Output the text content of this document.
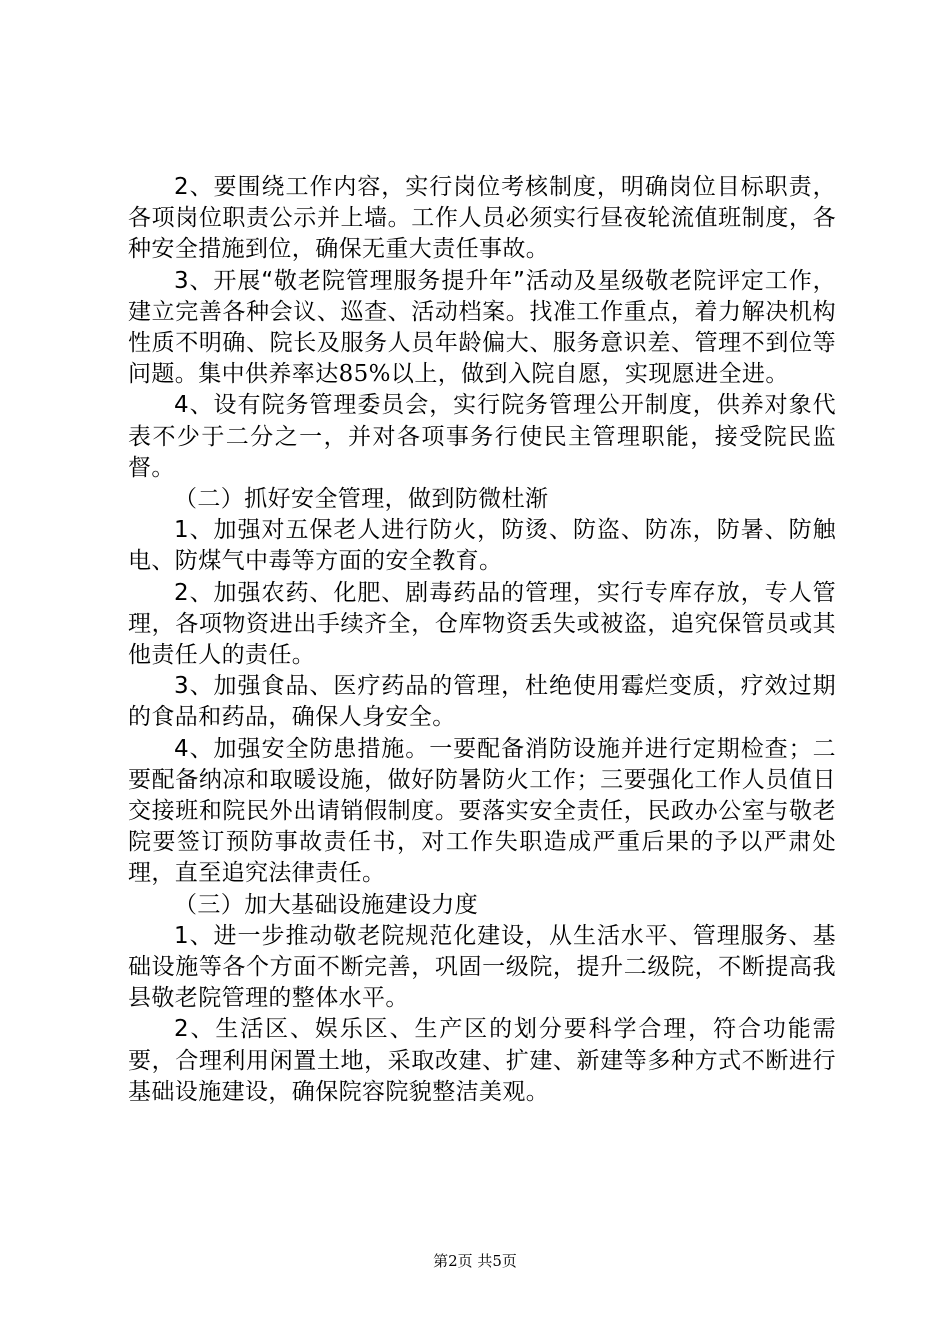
2、要围绕工作内容，实行岗位考核制度，明确岗位目标职责，各项岗位职责公示并上墙。工作人员必须实行昼夜轮流值班制度，各种安全措施到位，确保无重大责任事故。

3、开展“敬老院管理服务提升年”活动及星级敬老院评定工作，建立完善各种会议、巡查、活动档案。找准工作重点，着力解决机构性质不明确、院长及服务人员年龄偏大、服务意识差、管理不到位等问题。集中供养率达85%以上，做到入院自愿，实现愿进全进。

4、设有院务管理委员会，实行院务管理公开制度，供养对象代表不少于二分之一，并对各项事务行使民主管理职能，接受院民监督。

（二）抓好安全管理，做到防微杜渐

1、加强对五保老人进行防火，防烫、防盗、防冻，防暑、防触电、防煤气中毒等方面的安全教育。

2、加强农药、化肥、剧毒药品的管理，实行专库存放，专人管理，各项物资进出手续齐全，仓库物资丢失或被盗，追究保管员或其他责任人的责任。

3、加强食品、医疗药品的管理，杜绝使用霉烂变质，疗效过期的食品和药品，确保人身安全。

4、加强安全防患措施。一要配备消防设施并进行定期检查；二要配备纳凉和取暖设施，做好防暑防火工作；三要强化工作人员值日交接班和院民外出请销假制度。要落实安全责任，民政办公室与敬老院要签订预防事故责任书，对工作失职造成严重后果的予以严肃处理，直至追究法律责任。

（三）加大基础设施建设力度

1、进一步推动敬老院规范化建设，从生活水平、管理服务、基础设施等各个方面不断完善，巩固一级院，提升二级院，不断提高我县敬老院管理的整体水平。

2、生活区、娱乐区、生产区的划分要科学合理，符合功能需要，合理利用闲置土地，采取改建、扩建、新建等多种方式不断进行基础设施建设，确保院容院貌整洁美观。

第2页 共5页
